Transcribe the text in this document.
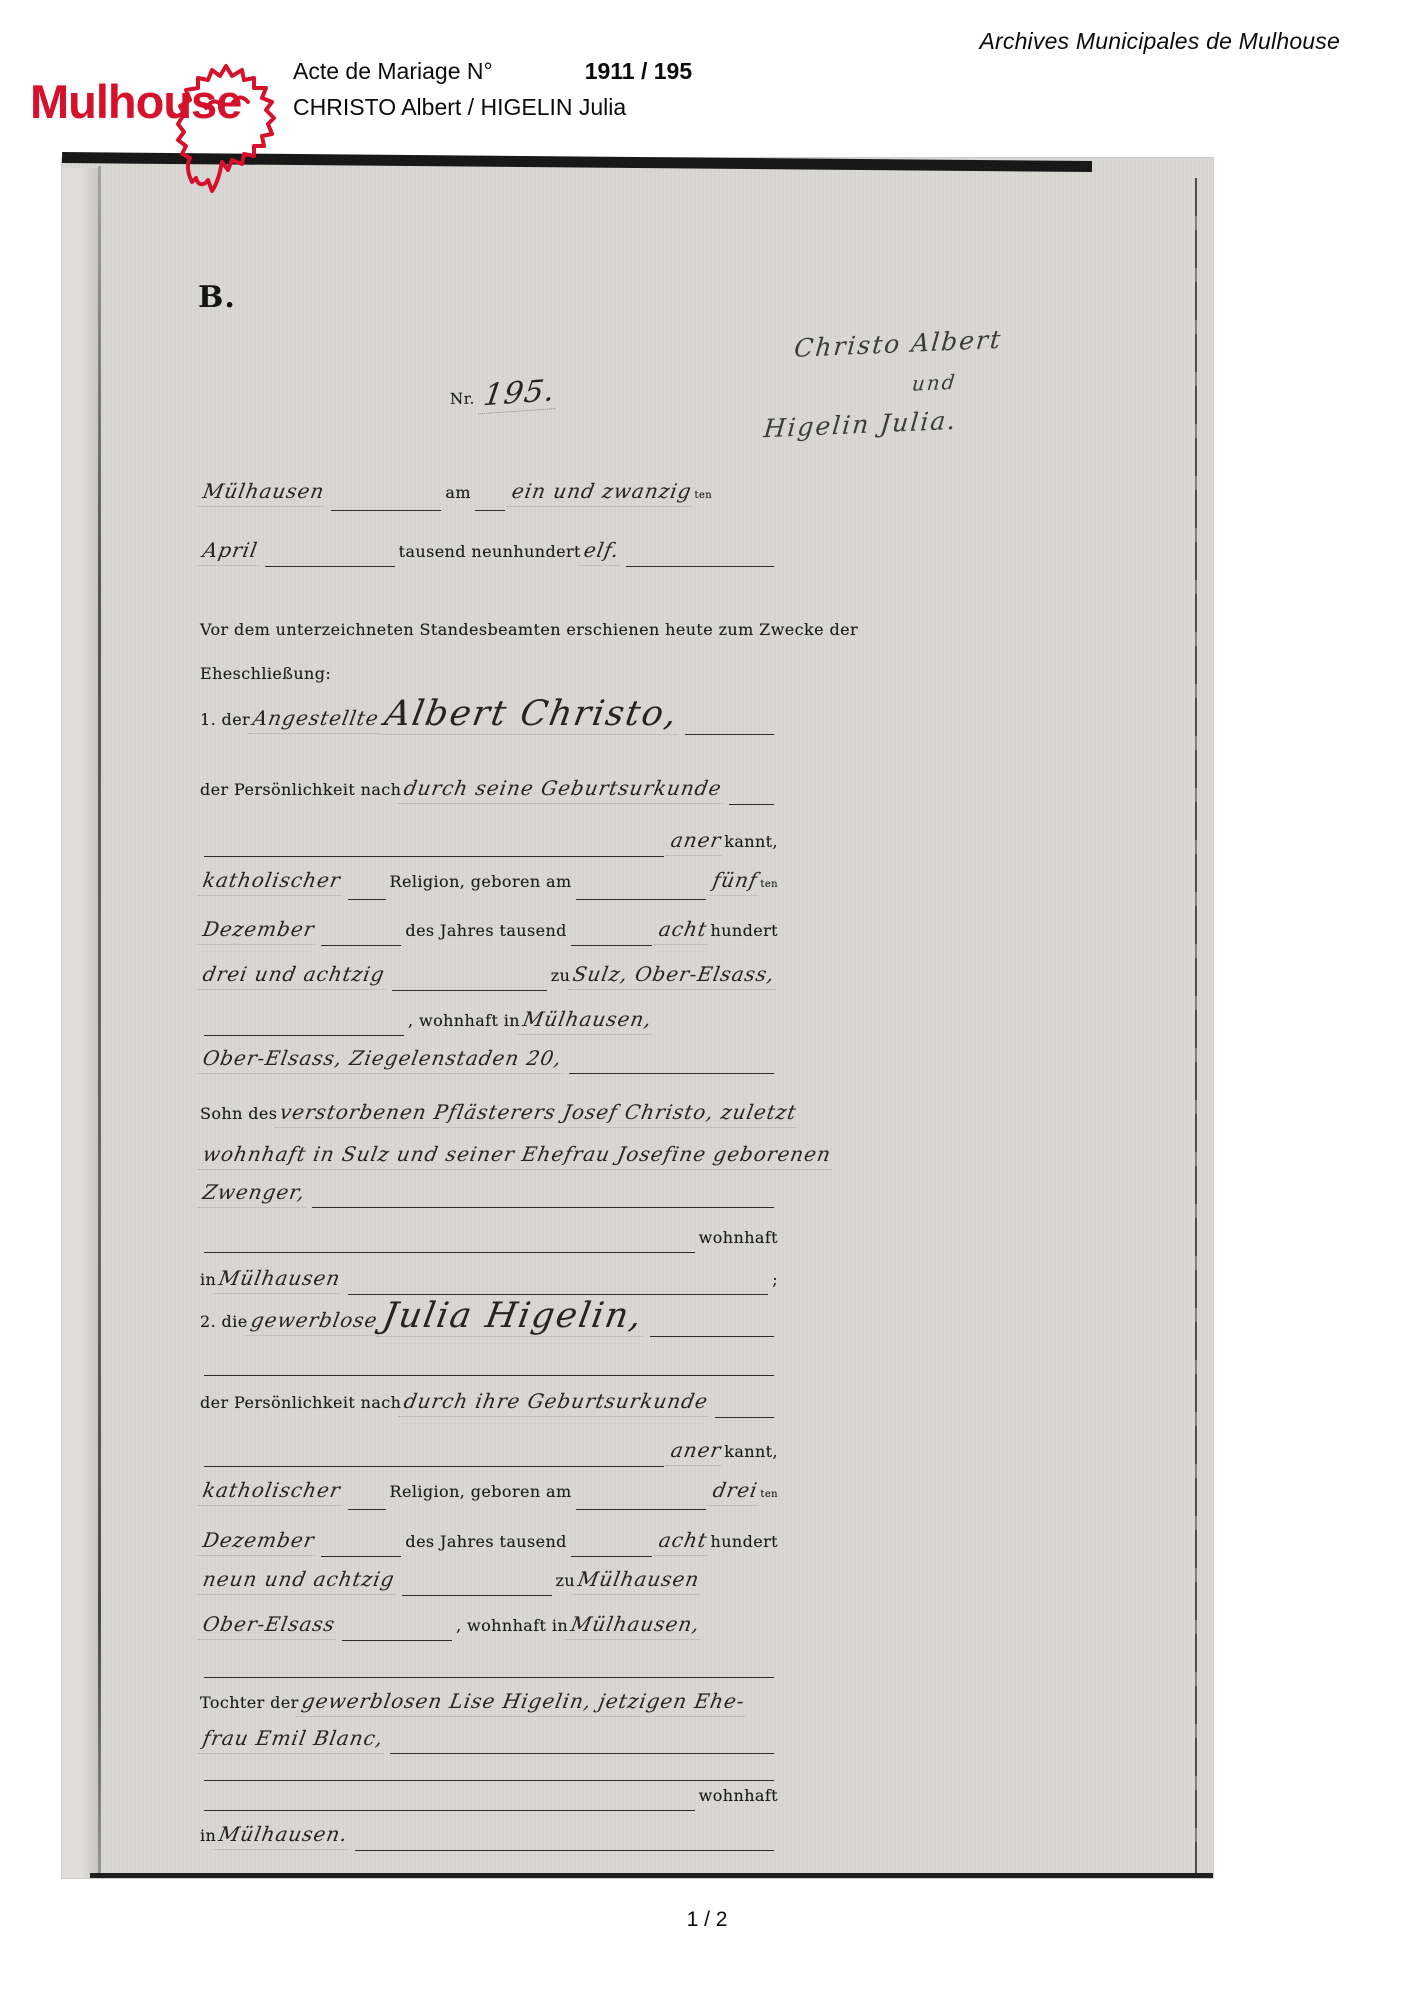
Archives Municipales de Mulhouse
Mulhouse
Acte de Mariage N°	1911 / 195
CHRISTO Albert / HIGELIN Julia
B.
Nr. 195.
Christo Albert
und
Higelin Julia.
Mülhausen	am ein und zwanzig ten
April	tausend neunhundert elf.
Vor dem unterzeichneten Standesbeamten erschienen heute zum Zwecke der
Eheschließung:
1. der Angestellte Albert Christo,
der Persönlichkeit nach durch seine Geburtsurkunde
aner kannt,
katholischer	Religion, geboren am	fünf ten
Dezember	des Jahres tausend	acht hundert
drei und achtzig	zu Sulz, Ober-Elsass,
, wohnhaft in Mülhausen,
Ober-Elsass, Ziegelenstaden 20,
Sohn des verstorbenen Pflästerers Josef Christo, zuletzt
wohnhaft in Sulz und seiner Ehefrau Josefine geborenen
Zwenger,
wohnhaft
in Mülhausen	;
2. die gewerblose Julia Higelin,
der Persönlichkeit nach durch ihre Geburtsurkunde
aner kannt,
katholischer	Religion, geboren am	drei ten
Dezember	des Jahres tausend	acht hundert
neun und achtzig	zu Mülhausen
Ober-Elsass	, wohnhaft in Mülhausen,
Tochter der gewerblosen Lise Higelin, jetzigen Ehe-
frau Emil Blanc,
wohnhaft
in Mülhausen.
1 / 2
